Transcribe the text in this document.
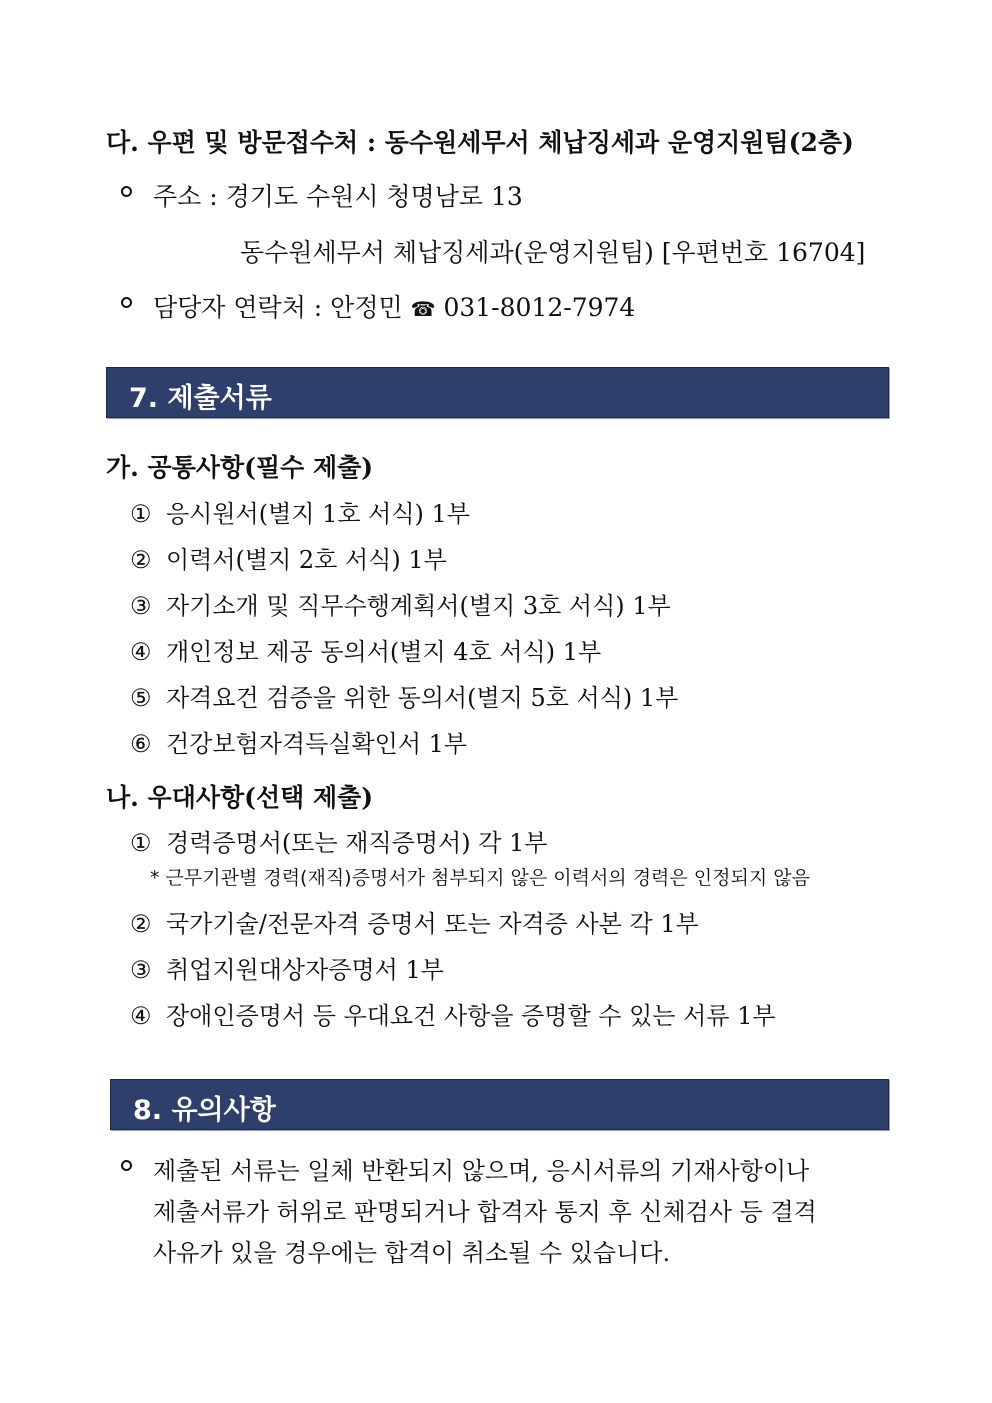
다. 우편 및 방문접수처 : 동수원세무서 체납징세과 운영지원팀(2층)
주소 : 경기도 수원시 청명남로 13
동수원세무서 체납징세과(운영지원팀) [우편번호 16704]
담당자 연락처 : 안정민 ☎ 031-8012-7974
7. 제출서류
가. 공통사항(필수 제출)
① 응시원서(별지 1호 서식) 1부
② 이력서(별지 2호 서식) 1부
③ 자기소개 및 직무수행계획서(별지 3호 서식) 1부
④ 개인정보 제공 동의서(별지 4호 서식) 1부
⑤ 자격요건 검증을 위한 동의서(별지 5호 서식) 1부
⑥ 건강보험자격득실확인서 1부
나. 우대사항(선택 제출)
① 경력증명서(또는 재직증명서) 각 1부
* 근무기관별 경력(재직)증명서가 첨부되지 않은 이력서의 경력은 인정되지 않음
② 국가기술/전문자격 증명서 또는 자격증 사본 각 1부
③ 취업지원대상자증명서 1부
④ 장애인증명서 등 우대요건 사항을 증명할 수 있는 서류 1부
8. 유의사항
제출된 서류는 일체 반환되지 않으며, 응시서류의 기재사항이나
제출서류가 허위로 판명되거나 합격자 통지 후 신체검사 등 결격
사유가 있을 경우에는 합격이 취소될 수 있습니다.
